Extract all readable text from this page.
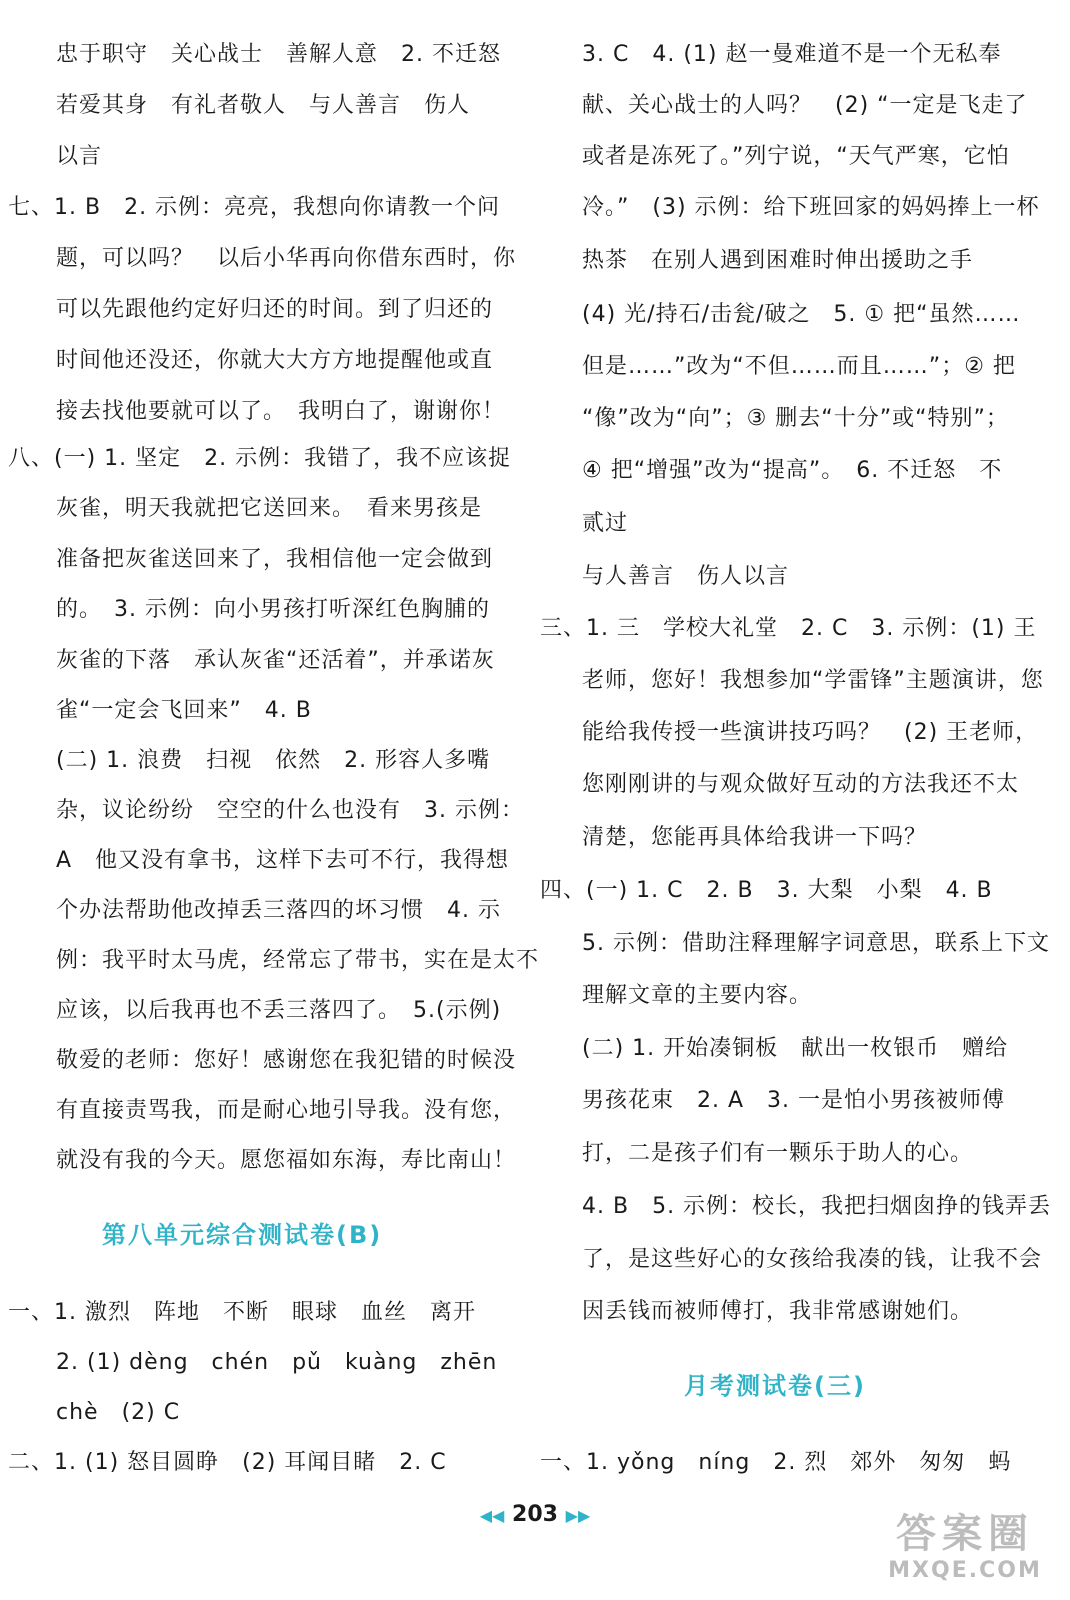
忠于职守　关心战士　善解人意　2. 不迁怒
若爱其身　有礼者敬人　与人善言　伤人
以言
七、1. B　2. 示例：亮亮，我想向你请教一个问
题，可以吗？　以后小华再向你借东西时，你
可以先跟他约定好归还的时间。到了归还的
时间他还没还，你就大大方方地提醒他或直
接去找他要就可以了。　我明白了，谢谢你！
八、(一) 1. 坚定　2. 示例：我错了，我不应该捉
灰雀，明天我就把它送回来。　看来男孩是
准备把灰雀送回来了，我相信他一定会做到
的。　3. 示例：向小男孩打听深红色胸脯的
灰雀的下落　承认灰雀“还活着”，并承诺灰
雀“一定会飞回来”　4. B
(二) 1. 浪费　扫视　依然　2. 形容人多嘴
杂，议论纷纷　空空的什么也没有　3. 示例：
A　他又没有拿书，这样下去可不行，我得想
个办法帮助他改掉丢三落四的坏习惯　4. 示
例：我平时太马虎，经常忘了带书，实在是太不
应该，以后我再也不丢三落四了。　5.(示例)
敬爱的老师：您好！感谢您在我犯错的时候没
有直接责骂我，而是耐心地引导我。没有您，
就没有我的今天。愿您福如东海，寿比南山！
第八单元综合测试卷(B)
一、1. 激烈　阵地　不断　眼球　血丝　离开
2. (1) dèng　chén　pǔ　kuàng　zhēn
chè　(2) C
二、1. (1) 怒目圆睁　(2) 耳闻目睹　2. C
3. C　4. (1) 赵一曼难道不是一个无私奉
献、关心战士的人吗？　(2) “一定是飞走了
或者是冻死了。”列宁说，“天气严寒，它怕
冷。”　(3) 示例：给下班回家的妈妈捧上一杯
热茶　在别人遇到困难时伸出援助之手
(4) 光/持石/击瓮/破之　5. ① 把“虽然……
但是……”改为“不但……而且……”；② 把
“像”改为“向”；③ 删去“十分”或“特别”；
④ 把“增强”改为“提高”。　6. 不迁怒　不
贰过
与人善言　伤人以言
三、1. 三　学校大礼堂　2. C　3. 示例：(1) 王
老师，您好！我想参加“学雷锋”主题演讲，您
能给我传授一些演讲技巧吗？　(2) 王老师，
您刚刚讲的与观众做好互动的方法我还不太
清楚，您能再具体给我讲一下吗？
四、(一) 1. C　2. B　3. 大梨　小梨　4. B
5. 示例：借助注释理解字词意思，联系上下文
理解文章的主要内容。
(二) 1. 开始凑铜板　献出一枚银币　赠给
男孩花束　2. A　3. 一是怕小男孩被师傅
打，二是孩子们有一颗乐于助人的心。
4. B　5. 示例：校长，我把扫烟囱挣的钱弄丢
了，是这些好心的女孩给我凑的钱，让我不会
因丢钱而被师傅打，我非常感谢她们。
月考测试卷(三)
一、1. yǒng　níng　2. 烈　郊外　匆匆　蚂
◀◀ 203 ▶▶	答案圈
MXQE.COM
